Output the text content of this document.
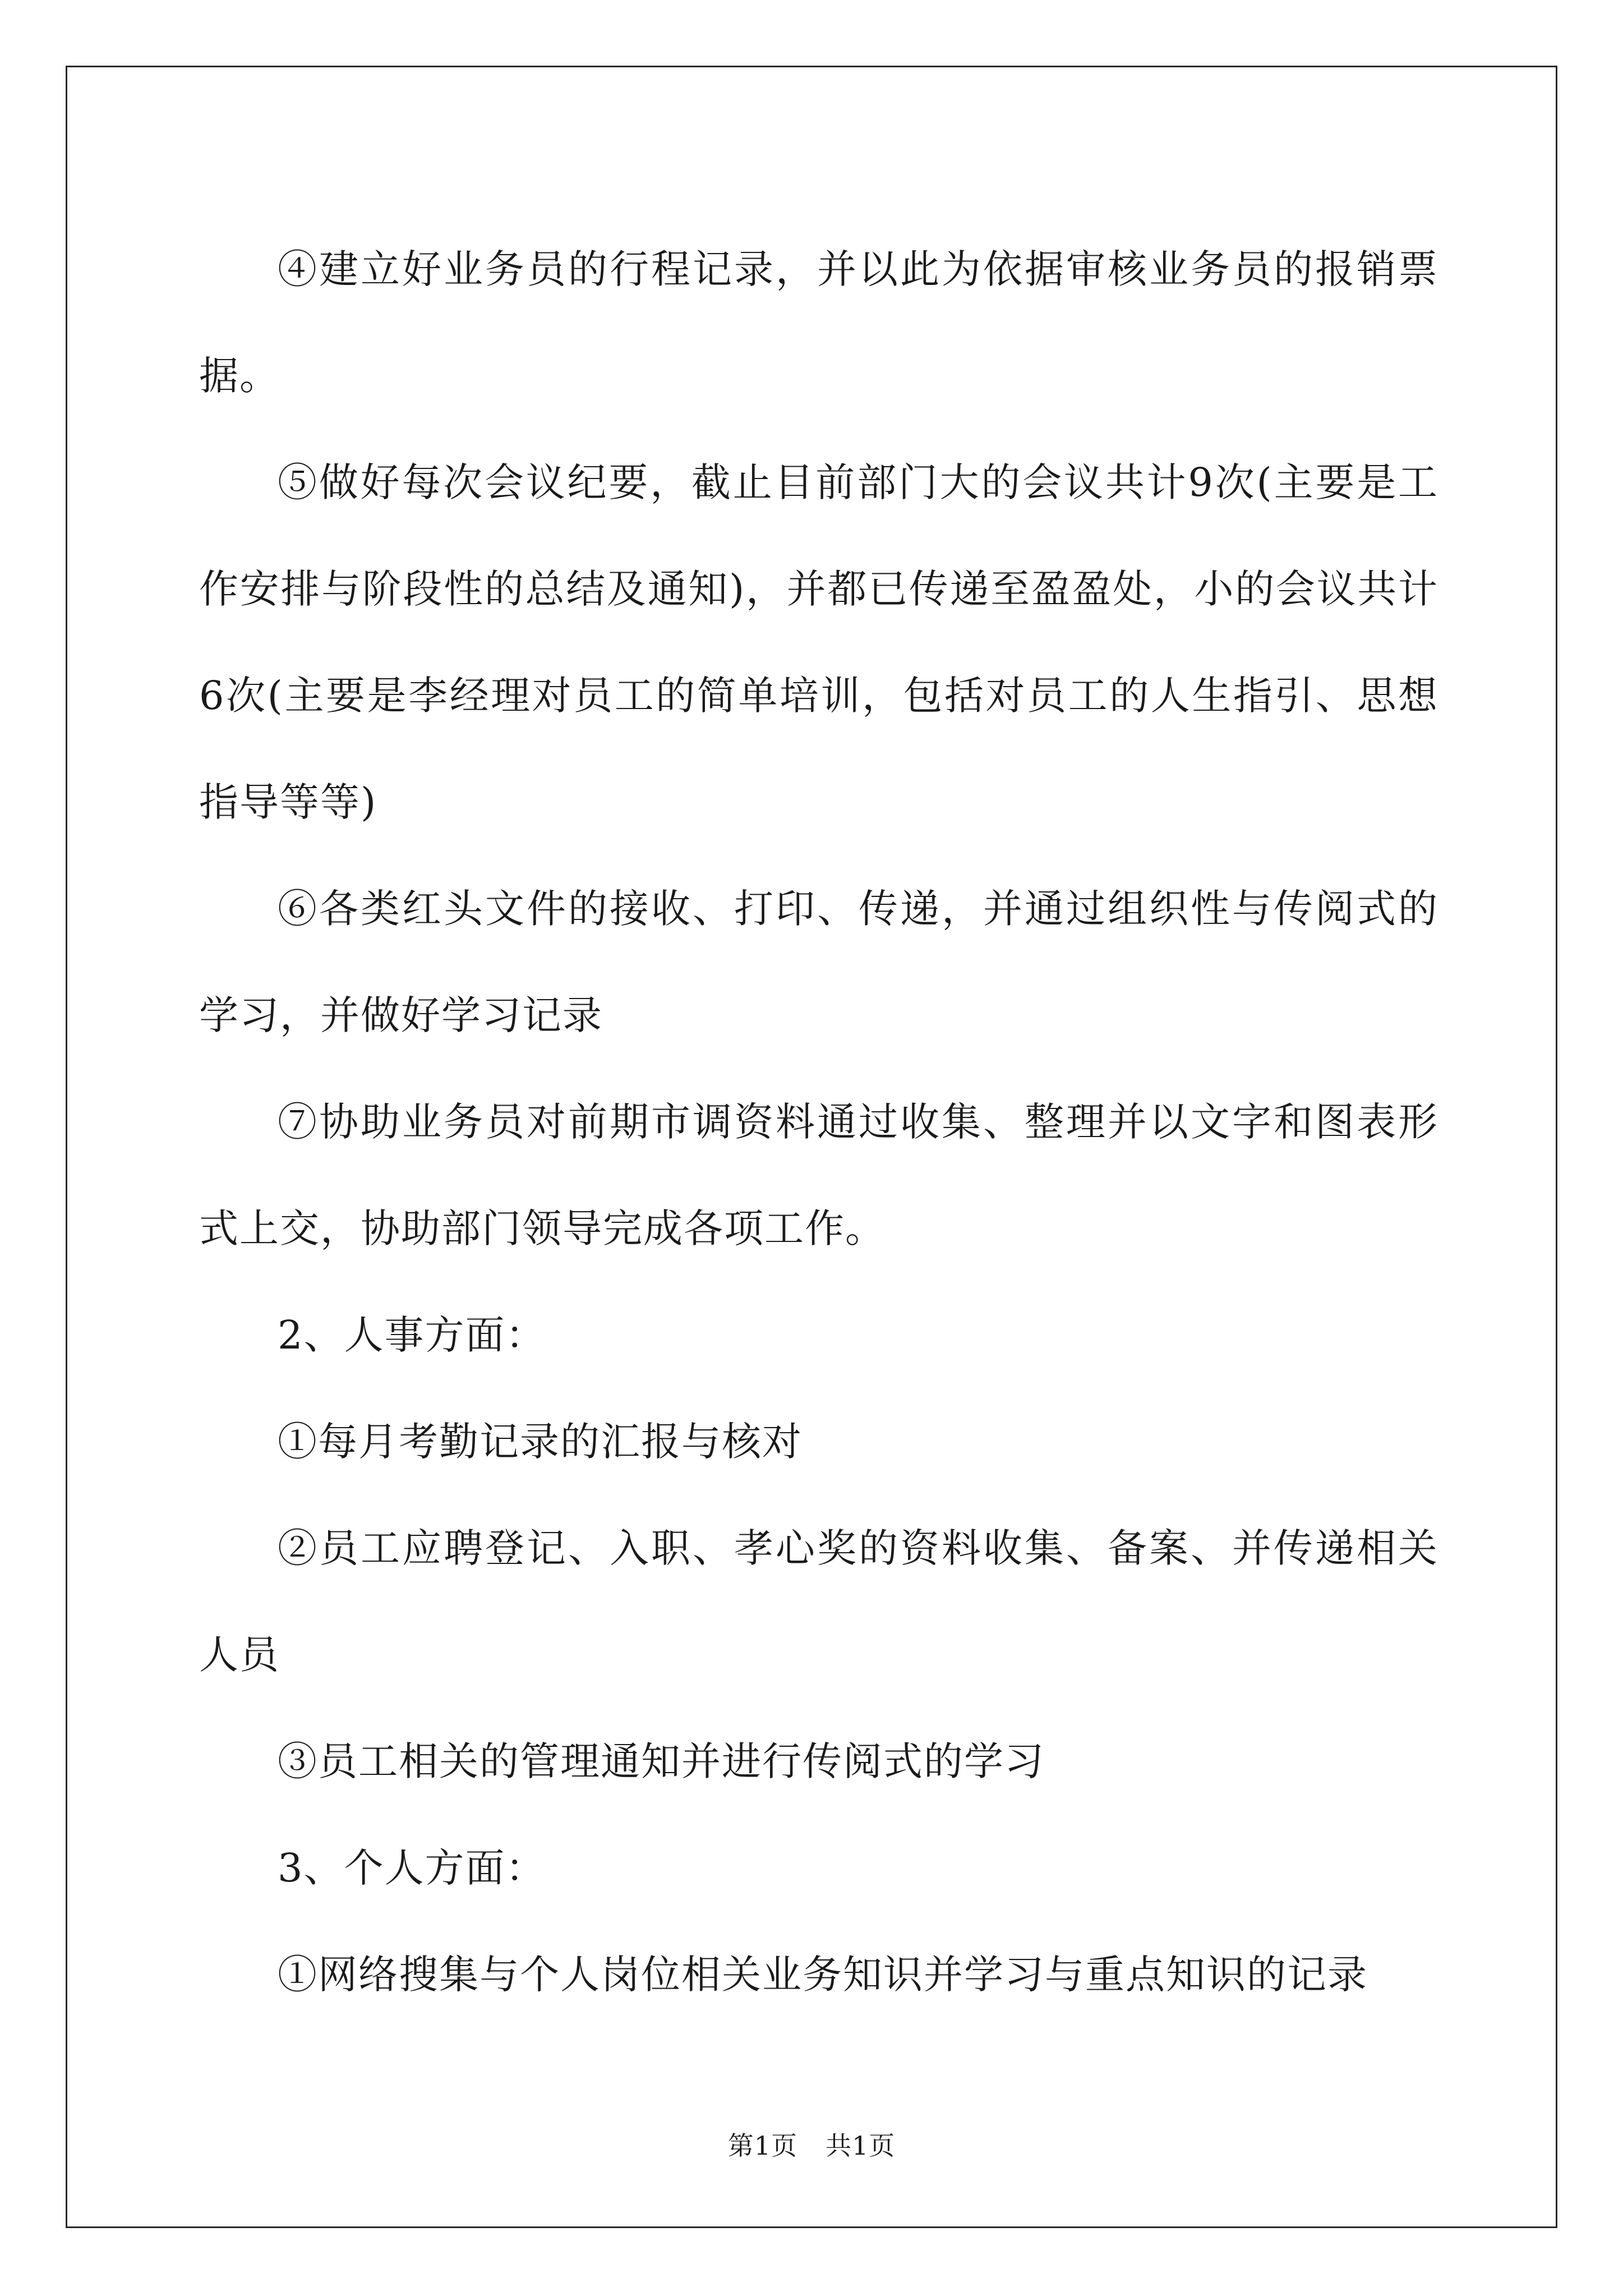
④建立好业务员的行程记录，并以此为依据审核业务员的报销票据。

⑤做好每次会议纪要，截止目前部门大的会议共计9次(主要是工作安排与阶段性的总结及通知)，并都已传递至盈盈处，小的会议共计6次(主要是李经理对员工的简单培训，包括对员工的人生指引、思想指导等等)

⑥各类红头文件的接收、打印、传递，并通过组织性与传阅式的学习，并做好学习记录

⑦协助业务员对前期市调资料通过收集、整理并以文字和图表形式上交，协助部门领导完成各项工作。

2、人事方面：

①每月考勤记录的汇报与核对

②员工应聘登记、入职、孝心奖的资料收集、备案、并传递相关人员

③员工相关的管理通知并进行传阅式的学习

3、个人方面：

①网络搜集与个人岗位相关业务知识并学习与重点知识的记录

第1页 共1页
